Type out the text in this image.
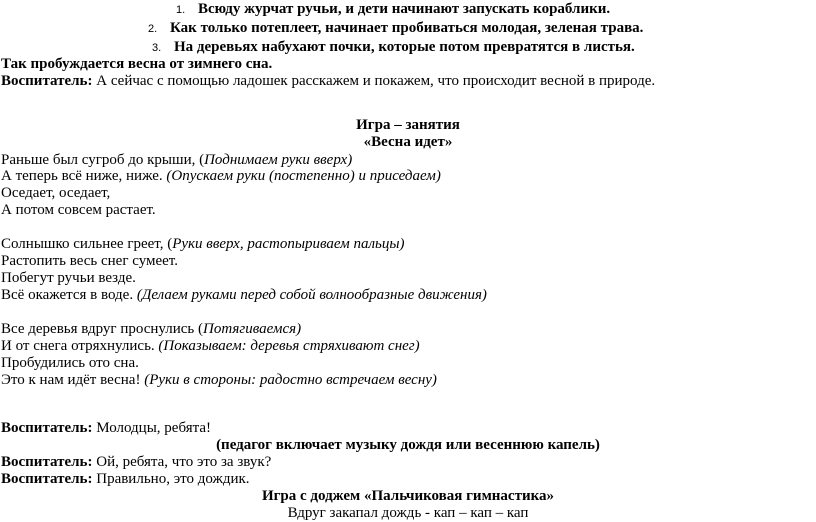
1. Всюду журчат ручьи, и дети начинают запускать кораблики.
2. Как только потеплеет, начинает пробиваться молодая, зеленая трава.
3. На деревьях набухают почки, которые потом превратятся в листья.
Так пробуждается весна от зимнего сна.
Воспитатель: А сейчас с помощью ладошек расскажем и покажем, что происходит весной в природе.
Игра – занятия
«Весна идет»
Раньше был сугроб до крыши, (Поднимаем руки вверх)
А теперь всё ниже, ниже. (Опускаем руки (постепенно) и приседаем)
Оседает, оседает,
А потом совсем растает.
Солнышко сильнее греет, (Руки вверх, растопыриваем пальцы)
Растопить весь снег сумеет.
Побегут ручьи везде.
Всё окажется в воде. (Делаем руками перед собой волнообразные движения)
Все деревья вдруг проснулись (Потягиваемся)
И от снега отряхнулись. (Показываем: деревья стряхивают снег)
Пробудились ото сна.
Это к нам идёт весна! (Руки в стороны: радостно встречаем весну)
Воспитатель: Молодцы, ребята!
(педагог включает музыку дождя или весеннюю капель)
Воспитатель: Ой, ребята, что это за звук?
Воспитатель: Правильно, это дождик.
Игра с доджем «Пальчиковая гимнастика»
Вдруг закапал дождь - кап – кап – кап
